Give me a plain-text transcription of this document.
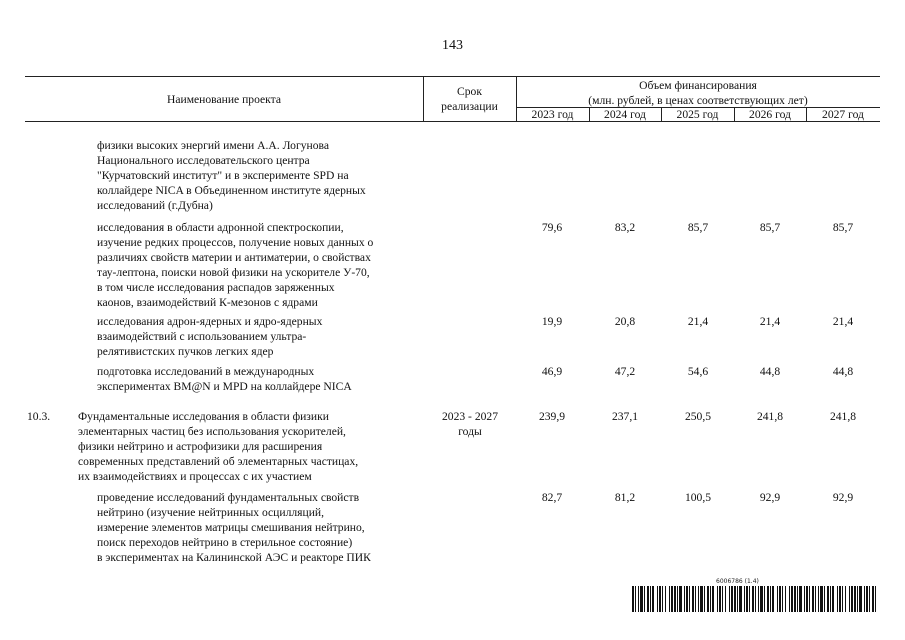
143
Наименование проекта
Срок
реализации
Объем финансирования
(млн. рублей, в ценах соответствующих лет)
2023 год	2024 год	2025 год	2026 год	2027 год
физики высоких энергий имени А.А. Логунова
Национального исследовательского центра
"Курчатовский институт" и в эксперименте SPD на
коллайдере NICA в Объединенном институте ядерных
исследований (г.Дубна)
исследования в области адронной спектроскопии,
изучение редких процессов, получение новых данных о
различиях свойств материи и антиматерии, о свойствах
тау-лептона, поиски новой физики на ускорителе У-70,
в том числе исследования распадов заряженных
каонов, взаимодействий К-мезонов с ядрами
79,6	83,2	85,7	85,7	85,7
исследования адрон-ядерных и ядро-ядерных
взаимодействий с использованием ультра-
релятивистских пучков легких ядер
19,9	20,8	21,4	21,4	21,4
подготовка исследований в международных
экспериментах BM@N и MPD на коллайдере NICA
46,9	47,2	54,6	44,8	44,8
10.3. Фундаментальные исследования в области физики
элементарных частиц без использования ускорителей,
физики нейтрино и астрофизики для расширения
современных представлений об элементарных частицах,
их взаимодействиях и процессах с их участием
2023 - 2027
годы
239,9	237,1	250,5	241,8	241,8
проведение исследований фундаментальных свойств
нейтрино (изучение нейтринных осцилляций,
измерение элементов матрицы смешивания нейтрино,
поиск переходов нейтрино в стерильное состояние)
в экспериментах на Калининской АЭС и реакторе ПИК
82,7	81,2	100,5	92,9	92,9
6006786 (1.4)
